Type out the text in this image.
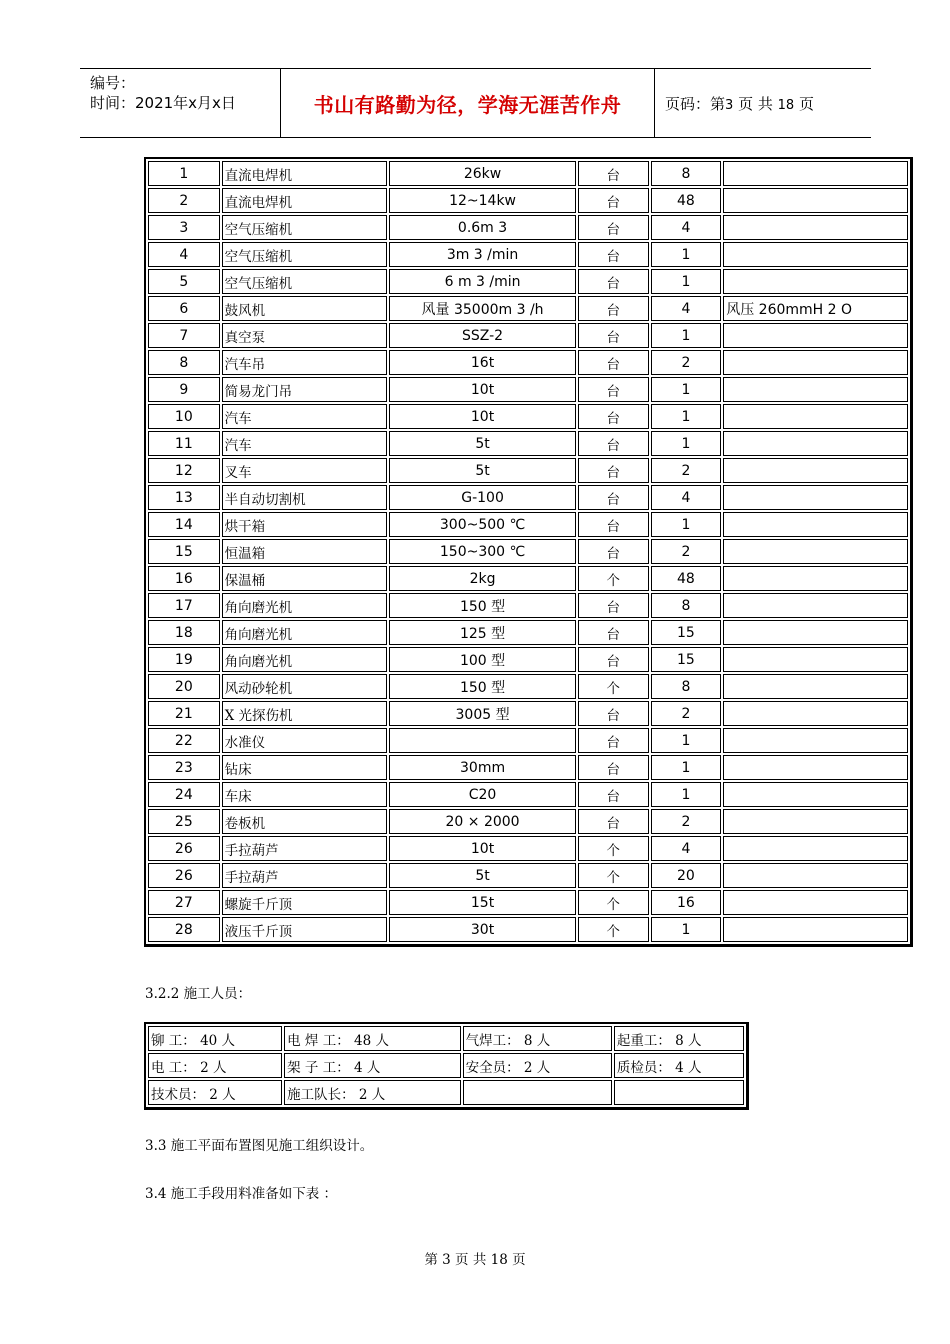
编号：
时间：2021年x月x日	书山有路勤为径，学海无涯苦作舟	页码：第3 页 共 18 页
1	直流电焊机	26kw	台	8	
2	直流电焊机	12~14kw	台	48	
3	空气压缩机	0.6m 3	台	4	
4	空气压缩机	3m 3 /min	台	1	
5	空气压缩机	6 m 3 /min	台	1	
6	鼓风机	风量 35000m 3 /h	台	4	风压 260mmH 2 O
7	真空泵	SSZ-2	台	1	
8	汽车吊	16t	台	2	
9	简易龙门吊	10t	台	1	
10	汽车	10t	台	1	
11	汽车	5t	台	1	
12	叉车	5t	台	2	
13	半自动切割机	G-100	台	4	
14	烘干箱	300~500 ℃	台	1	
15	恒温箱	150~300 ℃	台	2	
16	保温桶	2kg	个	48	
17	角向磨光机	150 型	台	8	
18	角向磨光机	125 型	台	15	
19	角向磨光机	100 型	台	15	
20	风动砂轮机	150 型	个	8	
21	X 光探伤机	3005 型	台	2	
22	水准仪		台	1	
23	钻床	30mm	台	1	
24	车床	C20	台	1	
25	卷板机	20 × 2000	台	2	
26	手拉葫芦	10t	个	4	
26	手拉葫芦	5t	个	20	
27	螺旋千斤顶	15t	个	16	
28	液压千斤顶	30t	个	1	
3.2.2 施工人员：
铆 工： 40 人	电 焊 工： 48 人	气焊工： 8 人	起重工： 8 人
电 工： 2 人	架 子 工： 4 人	安全员： 2 人	质检员： 4 人
技术员： 2 人	施工队长： 2 人		
3.3 施工平面布置图见施工组织设计。
3.4 施工手段用料准备如下表 ：
第 3 页 共 18 页
